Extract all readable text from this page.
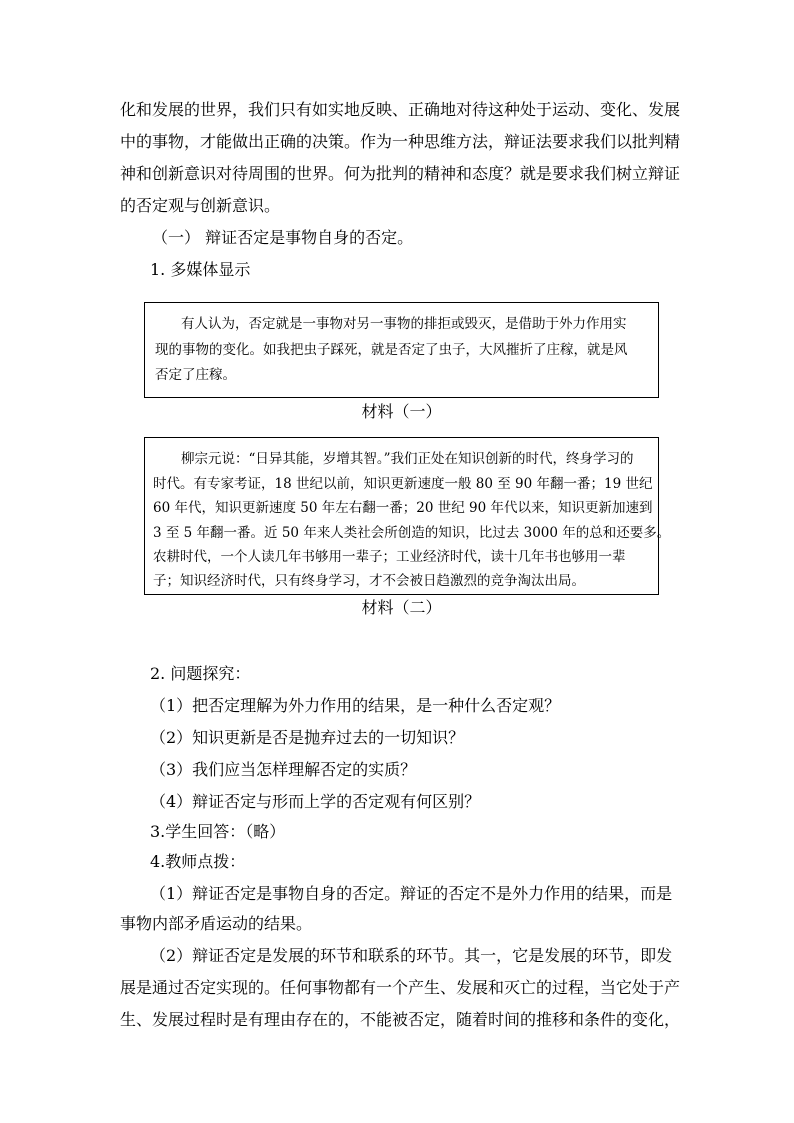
化和发展的世界，我们只有如实地反映、正确地对待这种处于运动、变化、发展
中的事物，才能做出正确的决策。作为一种思维方法，辩证法要求我们以批判精
神和创新意识对待周围的世界。何为批判的精神和态度？就是要求我们树立辩证
的否定观与创新意识。
（一） 辩证否定是事物自身的否定。
1. 多媒体显示
有人认为，否定就是一事物对另一事物的排拒或毁灭，是借助于外力作用实
现的事物的变化。如我把虫子踩死，就是否定了虫子，大风摧折了庄稼，就是风
否定了庄稼。
材料（一）
柳宗元说：“日异其能，岁增其智。”我们正处在知识创新的时代，终身学习的
时代。有专家考证，18 世纪以前，知识更新速度一般 80 至 90 年翻一番；19 世纪
60 年代，知识更新速度 50 年左右翻一番；20 世纪 90 年代以来，知识更新加速到
3 至 5 年翻一番。近 50 年来人类社会所创造的知识，比过去 3000 年的总和还要多。
农耕时代，一个人读几年书够用一辈子；工业经济时代，读十几年书也够用一辈
子；知识经济时代，只有终身学习，才不会被日趋激烈的竞争淘汰出局。
材料（二）
2. 问题探究：
（1）把否定理解为外力作用的结果，是一种什么否定观？
（2）知识更新是否是抛弃过去的一切知识？
（3）我们应当怎样理解否定的实质？
（4）辩证否定与形而上学的否定观有何区别？
3.学生回答：（略）
4.教师点拨：
（1）辩证否定是事物自身的否定。辩证的否定不是外力作用的结果，而是
事物内部矛盾运动的结果。
（2）辩证否定是发展的环节和联系的环节。其一，它是发展的环节，即发
展是通过否定实现的。任何事物都有一个产生、发展和灭亡的过程，当它处于产
生、发展过程时是有理由存在的，不能被否定，随着时间的推移和条件的变化，
